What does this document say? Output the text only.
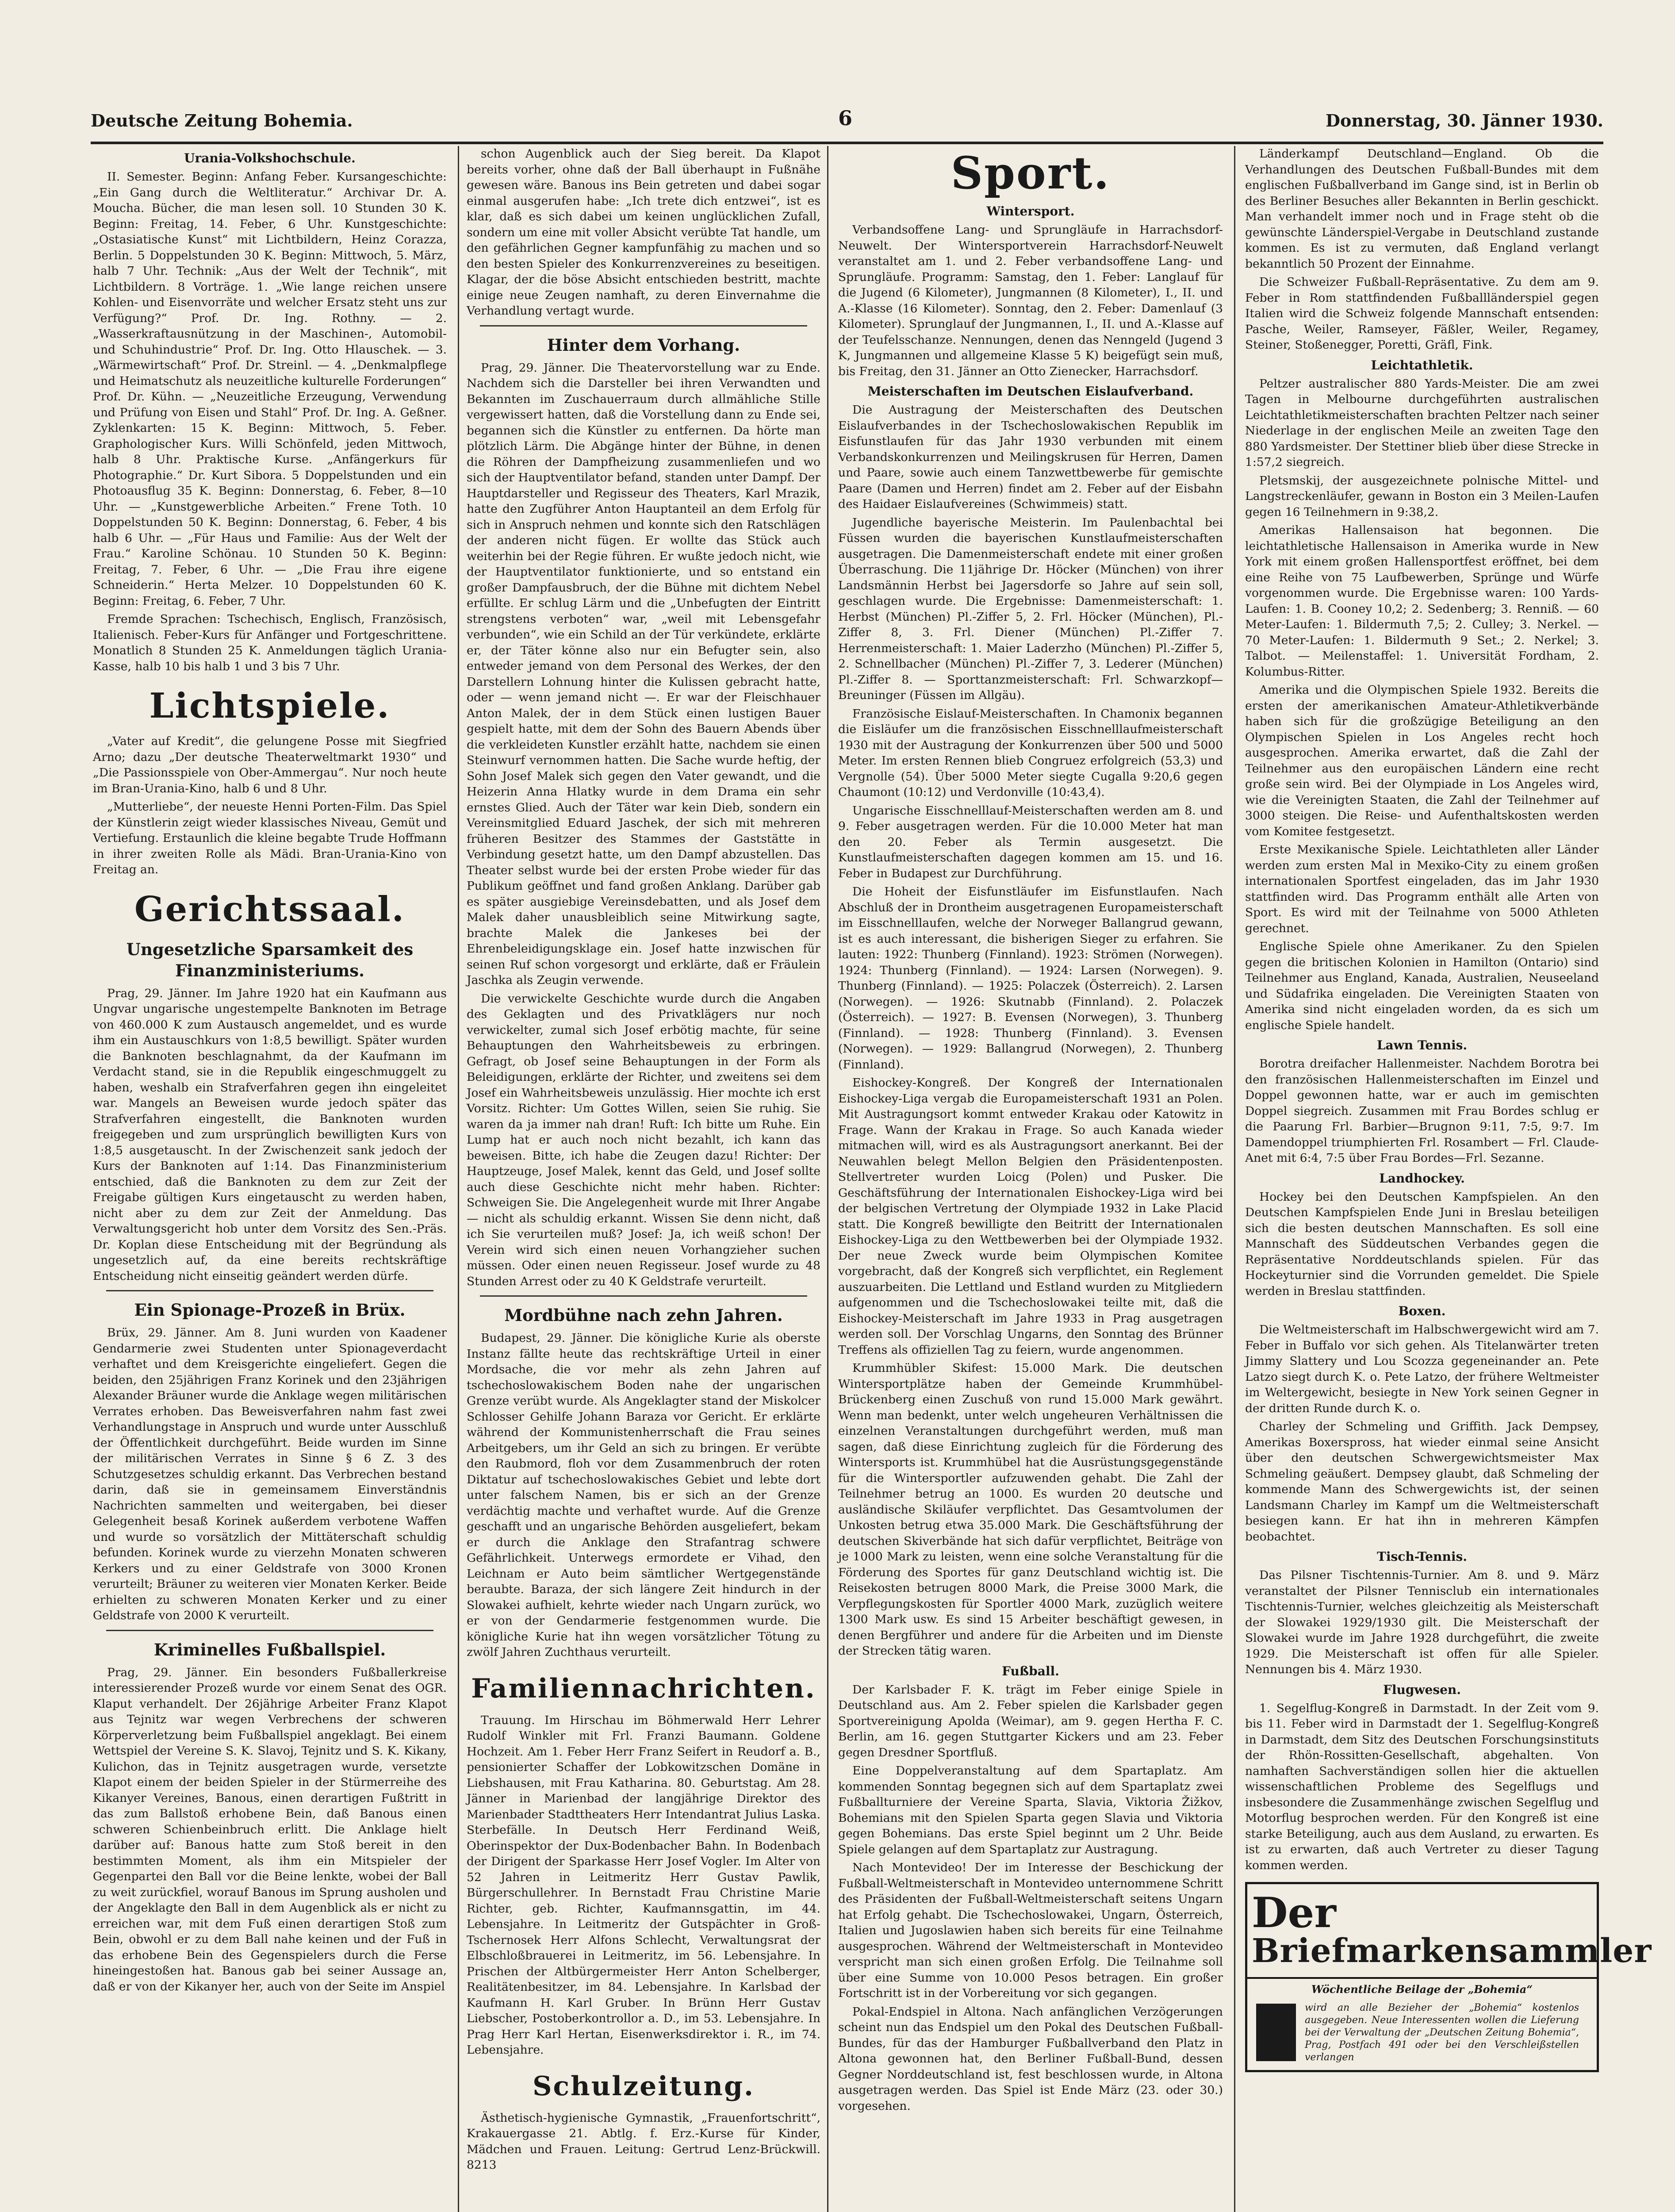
Deutsche Zeitung Bohemia.	6	Donnerstag, 30. Jänner 1930.
Urania-Volkshochschule.

II. Semester. Beginn: Anfang Feber. Kursangeschichte: „Ein Gang durch die Weltliteratur.“ Archivar Dr. A. Moucha. Bücher, die man lesen soll. 10 Stunden 30 K. Beginn: Freitag, 14. Feber, 6 Uhr. Kunstgeschichte: „Ostasiatische Kunst“ mit Lichtbildern, Heinz Corazza, Berlin. 5 Doppelstunden 30 K. Beginn: Mittwoch, 5. März, halb 7 Uhr. Technik: „Aus der Welt der Technik“, mit Lichtbildern. 8 Vorträge. 1. „Wie lange reichen unsere Kohlen- und Eisenvorräte und welcher Ersatz steht uns zur Verfügung?“ Prof. Dr. Ing. Rothny. — 2. „Wasserkraftausnützung in der Maschinen-, Automobil- und Schuhindustrie“ Prof. Dr. Ing. Otto Hlauschek. — 3. „Wärmewirtschaft“ Prof. Dr. Streinl. — 4. „Denkmalpflege und Heimatschutz als neuzeitliche kulturelle Forderungen“ Prof. Dr. Kühn. — „Neuzeitliche Erzeugung, Verwendung und Prüfung von Eisen und Stahl“ Prof. Dr. Ing. A. Geßner. Zyklenkarten: 15 K. Beginn: Mittwoch, 5. Feber. Graphologischer Kurs. Willi Schönfeld, jeden Mittwoch, halb 8 Uhr. Praktische Kurse. „Anfängerkurs für Photographie.“ Dr. Kurt Sibora. 5 Doppelstunden und ein Photoausflug 35 K. Beginn: Donnerstag, 6. Feber, 8—10 Uhr. — „Kunstgewerbliche Arbeiten.“ Frene Toth. 10 Doppelstunden 50 K. Beginn: Donnerstag, 6. Feber, 4 bis halb 6 Uhr. — „Für Haus und Familie: Aus der Welt der Frau.“ Karoline Schönau. 10 Stunden 50 K. Beginn: Freitag, 7. Feber, 6 Uhr. — „Die Frau ihre eigene Schneiderin.“ Herta Melzer. 10 Doppelstunden 60 K. Beginn: Freitag, 6. Feber, 7 Uhr.

Fremde Sprachen: Tschechisch, Englisch, Französisch, Italienisch. Feber-Kurs für Anfänger und Fortgeschrittene. Monatlich 8 Stunden 25 K. Anmeldungen täglich Urania-Kasse, halb 10 bis halb 1 und 3 bis 7 Uhr.

Lichtspiele.

„Vater auf Kredit“, die gelungene Posse mit Siegfried Arno; dazu „Der deutsche Theaterweltmarkt 1930“ und „Die Passionsspiele von Ober-Ammergau“. Nur noch heute im Bran-Urania-Kino, halb 6 und 8 Uhr.

„Mutterliebe“, der neueste Henni Porten-Film. Das Spiel der Künstlerin zeigt wieder klassisches Niveau, Gemüt und Vertiefung. Erstaunlich die kleine begabte Trude Hoffmann in ihrer zweiten Rolle als Mädi. Bran-Urania-Kino von Freitag an.

Gerichtssaal.
Ungesetzliche Sparsamkeit des Finanzministeriums.

Prag, 29. Jänner. Im Jahre 1920 hat ein Kaufmann aus Ungvar ungarische ungestempelte Banknoten im Betrage von 460.000 K zum Austausch angemeldet, und es wurde ihm ein Austauschkurs von 1:8,5 bewilligt. Später wurden die Banknoten beschlagnahmt, da der Kaufmann im Verdacht stand, sie in die Republik eingeschmuggelt zu haben, weshalb ein Strafverfahren gegen ihn eingeleitet war. Mangels an Beweisen wurde jedoch später das Strafverfahren eingestellt, die Banknoten wurden freigegeben und zum ursprünglich bewilligten Kurs von 1:8,5 ausgetauscht. In der Zwischenzeit sank jedoch der Kurs der Banknoten auf 1:14. Das Finanzministerium entschied, daß die Banknoten zu dem zur Zeit der Freigabe gültigen Kurs eingetauscht zu werden haben, nicht aber zu dem zur Zeit der Anmeldung. Das Verwaltungsgericht hob unter dem Vorsitz des Sen.-Präs. Dr. Koplan diese Entscheidung mit der Begründung als ungesetzlich auf, da eine bereits rechtskräftige Entscheidung nicht einseitig geändert werden dürfe.

Ein Spionage-Prozeß in Brüx.

Brüx, 29. Jänner. Am 8. Juni wurden von Kaadener Gendarmerie zwei Studenten unter Spionageverdacht verhaftet und dem Kreisgerichte eingeliefert. Gegen die beiden, den 25jährigen Franz Korinek und den 23jährigen Alexander Bräuner wurde die Anklage wegen militärischen Verrates erhoben. Das Beweisverfahren nahm fast zwei Verhandlungstage in Anspruch und wurde unter Ausschluß der Öffentlichkeit durchgeführt. Beide wurden im Sinne der militärischen Verrates in Sinne § 6 Z. 3 des Schutzgesetzes schuldig erkannt. Das Verbrechen bestand darin, daß sie in gemeinsamem Einverständnis Nachrichten sammelten und weitergaben, bei dieser Gelegenheit besaß Korinek außerdem verbotene Waffen und wurde so vorsätzlich der Mittäterschaft schuldig befunden. Korinek wurde zu vierzehn Monaten schweren Kerkers und zu einer Geldstrafe von 3000 Kronen verurteilt; Bräuner zu weiteren vier Monaten Kerker. Beide erhielten zu schweren Monaten Kerker und zu einer Geldstrafe von 2000 K verurteilt.

Kriminelles Fußballspiel.

Prag, 29. Jänner. Ein besonders Fußballerkreise interessierender Prozeß wurde vor einem Senat des OGR. Klaput verhandelt. Der 26jährige Arbeiter Franz Klapot aus Tejnitz war wegen Verbrechens der schweren Körperverletzung beim Fußballspiel angeklagt. Bei einem Wettspiel der Vereine S. K. Slavoj, Tejnitz und S. K. Kikany, Kulichon, das in Tejnitz ausgetragen wurde, versetzte Klapot einem der beiden Spieler in der Stürmerreihe des Kikanyer Vereines, Banous, einen derartigen Fußtritt in das zum Ballstoß erhobene Bein, daß Banous einen schweren Schienbeinbruch erlitt. Die Anklage hielt darüber auf: Banous hatte zum Stoß bereit in den bestimmten Moment, als ihm ein Mitspieler der Gegenpartei den Ball vor die Beine lenkte, wobei der Ball zu weit zurückfiel, worauf Banous im Sprung ausholen und der Angeklagte den Ball in dem Augenblick als er nicht zu erreichen war, mit dem Fuß einen derartigen Stoß zum Bein, obwohl er zu dem Ball nahe keinen und der Fuß in das erhobene Bein des Gegenspielers durch die Ferse hineingestoßen hat. Banous gab bei seiner Aussage an, daß er von der Kikanyer her, auch von der Seite im Anspiel

schon Augenblick auch der Sieg bereit. Da Klapot bereits vorher, ohne daß der Ball überhaupt in Fußnähe gewesen wäre. Banous ins Bein getreten und dabei sogar einmal ausgerufen habe: „Ich trete dich entzwei“, ist es klar, daß es sich dabei um keinen unglücklichen Zufall, sondern um eine mit voller Absicht verübte Tat handle, um den gefährlichen Gegner kampfunfähig zu machen und so den besten Spieler des Konkurrenzvereines zu beseitigen. Klagar, der die böse Absicht entschieden bestritt, machte einige neue Zeugen namhaft, zu deren Einvernahme die Verhandlung vertagt wurde.

Hinter dem Vorhang.

Prag, 29. Jänner. Die Theatervorstellung war zu Ende. Nachdem sich die Darsteller bei ihren Verwandten und Bekannten im Zuschauerraum durch allmähliche Stille vergewissert hatten, daß die Vorstellung dann zu Ende sei, begannen sich die Künstler zu entfernen. Da hörte man plötzlich Lärm. Die Abgänge hinter der Bühne, in denen die Röhren der Dampfheizung zusammenliefen und wo sich der Hauptventilator befand, standen unter Dampf. Der Hauptdarsteller und Regisseur des Theaters, Karl Mrazik, hatte den Zugführer Anton Hauptanteil an dem Erfolg für sich in Anspruch nehmen und konnte sich den Ratschlägen der anderen nicht fügen. Er wollte das Stück auch weiterhin bei der Regie führen. Er wußte jedoch nicht, wie der Hauptventilator funktionierte, und so entstand ein großer Dampfausbruch, der die Bühne mit dichtem Nebel erfüllte. Er schlug Lärm und die „Unbefugten der Eintritt strengstens verboten“ war, „weil mit Lebensgefahr verbunden“, wie ein Schild an der Tür verkündete, erklärte er, der Täter könne also nur ein Befugter sein, also entweder jemand von dem Personal des Werkes, der den Darstellern Lohnung hinter die Kulissen gebracht hatte, oder — wenn jemand nicht —. Er war der Fleischhauer Anton Malek, der in dem Stück einen lustigen Bauer gespielt hatte, mit dem der Sohn des Bauern Abends über die verkleideten Kunstler erzählt hatte, nachdem sie einen Steinwurf vernommen hatten. Die Sache wurde heftig, der Sohn Josef Malek sich gegen den Vater gewandt, und die Heizerin Anna Hlatky wurde in dem Drama ein sehr ernstes Glied. Auch der Täter war kein Dieb, sondern ein Vereinsmitglied Eduard Jaschek, der sich mit mehreren früheren Besitzer des Stammes der Gaststätte in Verbindung gesetzt hatte, um den Dampf abzustellen. Das Theater selbst wurde bei der ersten Probe wieder für das Publikum geöffnet und fand großen Anklang. Darüber gab es später ausgiebige Vereinsdebatten, und als Josef dem Malek daher unausbleiblich seine Mitwirkung sagte, brachte Malek die Jankeses bei der Ehrenbeleidigungsklage ein. Josef hatte inzwischen für seinen Ruf schon vorgesorgt und erklärte, daß er Fräulein Jaschka als Zeugin verwende.

Die verwickelte Geschichte wurde durch die Angaben des Geklagten und des Privatklägers nur noch verwickelter, zumal sich Josef erbötig machte, für seine Behauptungen den Wahrheitsbeweis zu erbringen. Gefragt, ob Josef seine Behauptungen in der Form als Beleidigungen, erklärte der Richter, und zweitens sei dem Josef ein Wahrheitsbeweis unzulässig. Hier mochte ich erst Vorsitz. Richter: Um Gottes Willen, seien Sie ruhig. Sie waren da ja immer nah dran! Ruft: Ich bitte um Ruhe. Ein Lump hat er auch noch nicht bezahlt, ich kann das beweisen. Bitte, ich habe die Zeugen dazu! Richter: Der Hauptzeuge, Josef Malek, kennt das Geld, und Josef sollte auch diese Geschichte nicht mehr haben. Richter: Schweigen Sie. Die Angelegenheit wurde mit Ihrer Angabe — nicht als schuldig erkannt. Wissen Sie denn nicht, daß ich Sie verurteilen muß? Josef: Ja, ich weiß schon! Der Verein wird sich einen neuen Vorhangzieher suchen müssen. Oder einen neuen Regisseur. Josef wurde zu 48 Stunden Arrest oder zu 40 K Geldstrafe verurteilt.

Mordbühne nach zehn Jahren.

Budapest, 29. Jänner. Die königliche Kurie als oberste Instanz fällte heute das rechtskräftige Urteil in einer Mordsache, die vor mehr als zehn Jahren auf tschechoslowakischem Boden nahe der ungarischen Grenze verübt wurde. Als Angeklagter stand der Miskolcer Schlosser Gehilfe Johann Baraza vor Gericht. Er erklärte während der Kommunistenherrschaft die Frau seines Arbeitgebers, um ihr Geld an sich zu bringen. Er verübte den Raubmord, floh vor dem Zusammenbruch der roten Diktatur auf tschechoslowakisches Gebiet und lebte dort unter falschem Namen, bis er sich an der Grenze verdächtig machte und verhaftet wurde. Auf die Grenze geschafft und an ungarische Behörden ausgeliefert, bekam er durch die Anklage den Strafantrag schwere Gefährlichkeit. Unterwegs ermordete er Vihad, den Leichnam er Auto beim sämtlicher Wertgegenstände beraubte. Baraza, der sich längere Zeit hindurch in der Slowakei aufhielt, kehrte wieder nach Ungarn zurück, wo er von der Gendarmerie festgenommen wurde. Die königliche Kurie hat ihn wegen vorsätzlicher Tötung zu zwölf Jahren Zuchthaus verurteilt.

Familiennachrichten.

Trauung. Im Hirschau im Böhmerwald Herr Lehrer Rudolf Winkler mit Frl. Franzi Baumann. Goldene Hochzeit. Am 1. Feber Herr Franz Seifert in Reudorf a. B., pensionierter Schaffer der Lobkowitzschen Domäne in Liebshausen, mit Frau Katharina. 80. Geburtstag. Am 28. Jänner in Marienbad der langjährige Direktor des Marienbader Stadttheaters Herr Intendantrat Julius Laska. Sterbefälle. In Deutsch Herr Ferdinand Weiß, Oberinspektor der Dux-Bodenbacher Bahn. In Bodenbach der Dirigent der Sparkasse Herr Josef Vogler. Im Alter von 52 Jahren in Leitmeritz Herr Gustav Pawlik, Bürgerschullehrer. In Bernstadt Frau Christine Marie Richter, geb. Richter, Kaufmannsgattin, im 44. Lebensjahre. In Leitmeritz der Gutspächter in Groß-Tschernosek Herr Alfons Schlecht, Verwaltungsrat der Elbschloßbrauerei in Leitmeritz, im 56. Lebensjahre. In Prischen der Altbürgermeister Herr Anton Schelberger, Realitätenbesitzer, im 84. Lebensjahre. In Karlsbad der Kaufmann H. Karl Gruber. In Brünn Herr Gustav Liebscher, Postoberkontrollor a. D., im 53. Lebensjahre. In Prag Herr Karl Hertan, Eisenwerksdirektor i. R., im 74. Lebensjahre.

Schulzeitung.

Ästhetisch-hygienische Gymnastik, „Frauenfortschritt“, Krakauergasse 21. Abtlg. f. Erz.-Kurse für Kinder, Mädchen und Frauen. Leitung: Gertrud Lenz-Brückwill. 8213

Sport.
Wintersport.

Verbandsoffene Lang- und Sprungläufe in Harrachsdorf-Neuwelt. Der Wintersportverein Harrachsdorf-Neuwelt veranstaltet am 1. und 2. Feber verbandsoffene Lang- und Sprungläufe. Programm: Samstag, den 1. Feber: Langlauf für die Jugend (6 Kilometer), Jungmannen (8 Kilometer), I., II. und A.-Klasse (16 Kilometer). Sonntag, den 2. Feber: Damenlauf (3 Kilometer). Sprunglauf der Jungmannen, I., II. und A.-Klasse auf der Teufelsschanze. Nennungen, denen das Nenngeld (Jugend 3 K, Jungmannen und allgemeine Klasse 5 K) beigefügt sein muß, bis Freitag, den 31. Jänner an Otto Zienecker, Harrachsdorf.

Meisterschaften im Deutschen Eislaufverband.

Die Austragung der Meisterschaften des Deutschen Eislaufverbandes in der Tschechoslowakischen Republik im Eisfunstlaufen für das Jahr 1930 verbunden mit einem Verbandskonkurrenzen und Meilingskrusen für Herren, Damen und Paare, sowie auch einem Tanzwettbewerbe für gemischte Paare (Damen und Herren) findet am 2. Feber auf der Eisbahn des Haidaer Eislaufvereines (Schwimmeis) statt.

Jugendliche bayerische Meisterin. Im Paulenbachtal bei Füssen wurden die bayerischen Kunstlaufmeisterschaften ausgetragen. Die Damenmeisterschaft endete mit einer großen Überraschung. Die 11jährige Dr. Höcker (München) von ihrer Landsmännin Herbst bei Jagersdorfe so Jahre auf sein soll, geschlagen wurde. Die Ergebnisse: Damenmeisterschaft: 1. Herbst (München) Pl.-Ziffer 5, 2. Frl. Höcker (München), Pl.-Ziffer 8, 3. Frl. Diener (München) Pl.-Ziffer 7. Herrenmeisterschaft: 1. Maier Laderzho (München) Pl.-Ziffer 5, 2. Schnellbacher (München) Pl.-Ziffer 7, 3. Lederer (München) Pl.-Ziffer 8. — Sporttanzmeisterschaft: Frl. Schwarzkopf—Breuninger (Füssen im Allgäu).

Französische Eislauf-Meisterschaften. In Chamonix begannen die Eisläufer um die französischen Eisschnelllaufmeisterschaft 1930 mit der Austragung der Konkurrenzen über 500 und 5000 Meter. Im ersten Rennen blieb Congruez erfolgreich (53,3) und Vergnolle (54). Über 5000 Meter siegte Cugalla 9:20,6 gegen Chaumont (10:12) und Verdonville (10:43,4).

Ungarische Eisschnelllauf-Meisterschaften werden am 8. und 9. Feber ausgetragen werden. Für die 10.000 Meter hat man den 20. Feber als Termin ausgesetzt. Die Kunstlaufmeisterschaften dagegen kommen am 15. und 16. Feber in Budapest zur Durchführung.

Die Hoheit der Eisfunstläufer im Eisfunstlaufen. Nach Abschluß der in Drontheim ausgetragenen Europameisterschaft im Eisschnelllaufen, welche der Norweger Ballangrud gewann, ist es auch interessant, die bisherigen Sieger zu erfahren. Sie lauten: 1922: Thunberg (Finnland). 1923: Strömen (Norwegen). 1924: Thunberg (Finnland). — 1924: Larsen (Norwegen). 9. Thunberg (Finnland). — 1925: Polaczek (Österreich). 2. Larsen (Norwegen). — 1926: Skutnabb (Finnland). 2. Polaczek (Österreich). — 1927: B. Evensen (Norwegen), 3. Thunberg (Finnland). — 1928: Thunberg (Finnland). 3. Evensen (Norwegen). — 1929: Ballangrud (Norwegen), 2. Thunberg (Finnland).

Eishockey-Kongreß. Der Kongreß der Internationalen Eishockey-Liga vergab die Europameisterschaft 1931 an Polen. Mit Austragungsort kommt entweder Krakau oder Katowitz in Frage. Wann der Krakau in Frage. So auch Kanada wieder mitmachen will, wird es als Austragungsort anerkannt. Bei der Neuwahlen belegt Mellon Belgien den Präsidentenposten. Stellvertreter wurden Loicg (Polen) und Pusker. Die Geschäftsführung der Internationalen Eishockey-Liga wird bei der belgischen Vertretung der Olympiade 1932 in Lake Placid statt. Die Kongreß bewilligte den Beitritt der Internationalen Eishockey-Liga zu den Wettbewerben bei der Olympiade 1932. Der neue Zweck wurde beim Olympischen Komitee vorgebracht, daß der Kongreß sich verpflichtet, ein Reglement auszuarbeiten. Die Lettland und Estland wurden zu Mitgliedern aufgenommen und die Tschechoslowakei teilte mit, daß die Eishockey-Meisterschaft im Jahre 1933 in Prag ausgetragen werden soll. Der Vorschlag Ungarns, den Sonntag des Brünner Treffens als offiziellen Tag zu feiern, wurde angenommen.

Krummhübler Skifest: 15.000 Mark. Die deutschen Wintersportplätze haben der Gemeinde Krummhübel-Brückenberg einen Zuschuß von rund 15.000 Mark gewährt. Wenn man bedenkt, unter welch ungeheuren Verhältnissen die einzelnen Veranstaltungen durchgeführt werden, muß man sagen, daß diese Einrichtung zugleich für die Förderung des Wintersports ist. Krummhübel hat die Ausrüstungsgegenstände für die Wintersportler aufzuwenden gehabt. Die Zahl der Teilnehmer betrug an 1000. Es wurden 20 deutsche und ausländische Skiläufer verpflichtet. Das Gesamtvolumen der Unkosten betrug etwa 35.000 Mark. Die Geschäftsführung der deutschen Skiverbände hat sich dafür verpflichtet, Beiträge von je 1000 Mark zu leisten, wenn eine solche Veranstaltung für die Förderung des Sportes für ganz Deutschland wichtig ist. Die Reisekosten betrugen 8000 Mark, die Preise 3000 Mark, die Verpflegungskosten für Sportler 4000 Mark, zuzüglich weitere 1300 Mark usw. Es sind 15 Arbeiter beschäftigt gewesen, in denen Bergführer und andere für die Arbeiten und im Dienste der Strecken tätig waren.

Fußball.

Der Karlsbader F. K. trägt im Feber einige Spiele in Deutschland aus. Am 2. Feber spielen die Karlsbader gegen Sportvereinigung Apolda (Weimar), am 9. gegen Hertha F. C. Berlin, am 16. gegen Stuttgarter Kickers und am 23. Feber gegen Dresdner Sportfluß.

Eine Doppelveranstaltung auf dem Spartaplatz. Am kommenden Sonntag begegnen sich auf dem Spartaplatz zwei Fußballturniere der Vereine Sparta, Slavia, Viktoria Žižkov, Bohemians mit den Spielen Sparta gegen Slavia und Viktoria gegen Bohemians. Das erste Spiel beginnt um 2 Uhr. Beide Spiele gelangen auf dem Spartaplatz zur Austragung.

Nach Montevideo! Der im Interesse der Beschickung der Fußball-Weltmeisterschaft in Montevideo unternommene Schritt des Präsidenten der Fußball-Weltmeisterschaft seitens Ungarn hat Erfolg gehabt. Die Tschechoslowakei, Ungarn, Österreich, Italien und Jugoslawien haben sich bereits für eine Teilnahme ausgesprochen. Während der Weltmeisterschaft in Montevideo verspricht man sich einen großen Erfolg. Die Teilnahme soll über eine Summe von 10.000 Pesos betragen. Ein großer Fortschritt ist in der Vorbereitung vor sich gegangen.

Pokal-Endspiel in Altona. Nach anfänglichen Verzögerungen scheint nun das Endspiel um den Pokal des Deutschen Fußball-Bundes, für das der Hamburger Fußballverband den Platz in Altona gewonnen hat, den Berliner Fußball-Bund, dessen Gegner Norddeutschland ist, fest beschlossen wurde, in Altona ausgetragen werden. Das Spiel ist Ende März (23. oder 30.) vorgesehen.

Länderkampf Deutschland—England. Ob die Verhandlungen des Deutschen Fußball-Bundes mit dem englischen Fußballverband im Gange sind, ist in Berlin ob des Berliner Besuches aller Bekannten in Berlin geschickt. Man verhandelt immer noch und in Frage steht ob die gewünschte Länderspiel-Vergabe in Deutschland zustande kommen. Es ist zu vermuten, daß England verlangt bekanntlich 50 Prozent der Einnahme.

Die Schweizer Fußball-Repräsentative. Zu dem am 9. Feber in Rom stattfindenden Fußballländerspiel gegen Italien wird die Schweiz folgende Mannschaft entsenden: Pasche, Weiler, Ramseyer, Fäßler, Weiler, Regamey, Steiner, Stoßenegger, Poretti, Gräfl, Fink.

Leichtathletik.

Peltzer australischer 880 Yards-Meister. Die am zwei Tagen in Melbourne durchgeführten australischen Leichtathletikmeisterschaften brachten Peltzer nach seiner Niederlage in der englischen Meile an zweiten Tage den 880 Yardsmeister. Der Stettiner blieb über diese Strecke in 1:57,2 siegreich.

Pletsmskij, der ausgezeichnete polnische Mittel- und Langstreckenläufer, gewann in Boston ein 3 Meilen-Laufen gegen 16 Teilnehmern in 9:38,2.

Amerikas Hallensaison hat begonnen. Die leichtathletische Hallensaison in Amerika wurde in New York mit einem großen Hallensportfest eröffnet, bei dem eine Reihe von 75 Laufbewerben, Sprünge und Würfe vorgenommen wurde. Die Ergebnisse waren: 100 Yards-Laufen: 1. B. Cooney 10,2; 2. Sedenberg; 3. Renniß. — 60 Meter-Laufen: 1. Bildermuth 7,5; 2. Culley; 3. Nerkel. — 70 Meter-Laufen: 1. Bildermuth 9 Set.; 2. Nerkel; 3. Talbot. — Meilenstaffel: 1. Universität Fordham, 2. Kolumbus-Ritter.

Amerika und die Olympischen Spiele 1932. Bereits die ersten der amerikanischen Amateur-Athletikverbände haben sich für die großzügige Beteiligung an den Olympischen Spielen in Los Angeles recht hoch ausgesprochen. Amerika erwartet, daß die Zahl der Teilnehmer aus den europäischen Ländern eine recht große sein wird. Bei der Olympiade in Los Angeles wird, wie die Vereinigten Staaten, die Zahl der Teilnehmer auf 3000 steigen. Die Reise- und Aufenthaltskosten werden vom Komitee festgesetzt.

Erste Mexikanische Spiele. Leichtathleten aller Länder werden zum ersten Mal in Mexiko-City zu einem großen internationalen Sportfest eingeladen, das im Jahr 1930 stattfinden wird. Das Programm enthält alle Arten von Sport. Es wird mit der Teilnahme von 5000 Athleten gerechnet.

Englische Spiele ohne Amerikaner. Zu den Spielen gegen die britischen Kolonien in Hamilton (Ontario) sind Teilnehmer aus England, Kanada, Australien, Neuseeland und Südafrika eingeladen. Die Vereinigten Staaten von Amerika sind nicht eingeladen worden, da es sich um englische Spiele handelt.

Lawn Tennis.

Borotra dreifacher Hallenmeister. Nachdem Borotra bei den französischen Hallenmeisterschaften im Einzel und Doppel gewonnen hatte, war er auch im gemischten Doppel siegreich. Zusammen mit Frau Bordes schlug er die Paarung Frl. Barbier—Brugnon 9:11, 7:5, 9:7. Im Damendoppel triumphierten Frl. Rosambert — Frl. Claude-Anet mit 6:4, 7:5 über Frau Bordes—Frl. Sezanne.

Landhockey.

Hockey bei den Deutschen Kampfspielen. An den Deutschen Kampfspielen Ende Juni in Breslau beteiligen sich die besten deutschen Mannschaften. Es soll eine Mannschaft des Süddeutschen Verbandes gegen die Repräsentative Norddeutschlands spielen. Für das Hockeyturnier sind die Vorrunden gemeldet. Die Spiele werden in Breslau stattfinden.

Boxen.

Die Weltmeisterschaft im Halbschwergewicht wird am 7. Feber in Buffalo vor sich gehen. Als Titelanwärter treten Jimmy Slattery und Lou Scozza gegeneinander an. Pete Latzo siegt durch K. o. Pete Latzo, der frühere Weltmeister im Weltergewicht, besiegte in New York seinen Gegner in der dritten Runde durch K. o.

Charley der Schmeling und Griffith. Jack Dempsey, Amerikas Boxerspross, hat wieder einmal seine Ansicht über den deutschen Schwergewichtsmeister Max Schmeling geäußert. Dempsey glaubt, daß Schmeling der kommende Mann des Schwergewichts ist, der seinen Landsmann Charley im Kampf um die Weltmeisterschaft besiegen kann. Er hat ihn in mehreren Kämpfen beobachtet.

Tisch-Tennis.

Das Pilsner Tischtennis-Turnier. Am 8. und 9. März veranstaltet der Pilsner Tennisclub ein internationales Tischtennis-Turnier, welches gleichzeitig als Meisterschaft der Slowakei 1929/1930 gilt. Die Meisterschaft der Slowakei wurde im Jahre 1928 durchgeführt, die zweite 1929. Die Meisterschaft ist offen für alle Spieler. Nennungen bis 4. März 1930.

Flugwesen.

1. Segelflug-Kongreß in Darmstadt. In der Zeit vom 9. bis 11. Feber wird in Darmstadt der 1. Segelflug-Kongreß in Darmstadt, dem Sitz des Deutschen Forschungsinstituts der Rhön-Rossitten-Gesellschaft, abgehalten. Von namhaften Sachverständigen sollen hier die aktuellen wissenschaftlichen Probleme des Segelflugs und insbesondere die Zusammenhänge zwischen Segelflug und Motorflug besprochen werden. Für den Kongreß ist eine starke Beteiligung, auch aus dem Ausland, zu erwarten. Es ist zu erwarten, daß auch Vertreter zu dieser Tagung kommen werden.

Der
Briefmarkensammler
Wöchentliche Beilage der „Bohemia“
wird an alle Bezieher der „Bohemia“ kostenlos ausgegeben. Neue Interessenten wollen die Lieferung bei der Verwaltung der „Deutschen Zeitung Bohemia“, Prag, Postfach 491 oder bei den Verschleißstellen verlangen
